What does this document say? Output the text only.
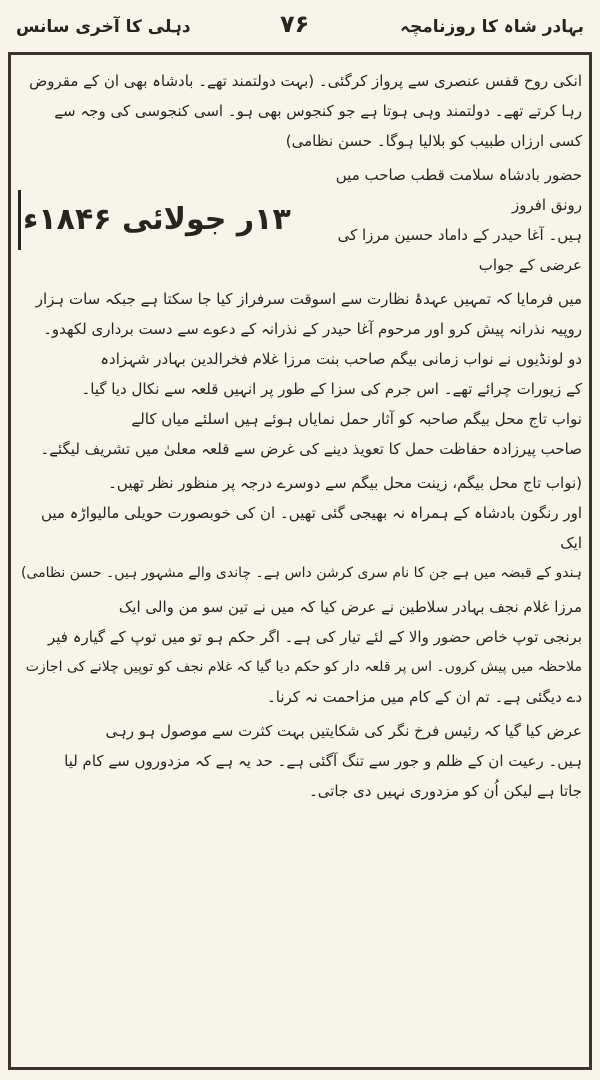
بہادر شاہ کا روزنامچہ
۷۶
دہلی کا آخری سانس

انکی روح قفس عنصری سے پرواز کرگئی۔ (بہت دولتمند تھے۔ بادشاہ بھی ان کے مقروض

رہا کرتے تھے۔ دولتمند وہی ہوتا ہے جو کنجوس بھی ہو۔ اسی کنجوسی کی وجہ سے

کسی ارزاں طبیب کو بلالیا ہوگا۔ حسن نظامی)

۱۳ر جولائی ۱۸۴۶ء

حضور بادشاہ سلامت قطب صاحب میں رونق افروز

ہیں۔ آغا حیدر کے داماد حسین مرزا کی عرضی کے جواب

میں فرمایا کہ تمہیں عہدۂ نظارت سے اسوقت سرفراز کیا جا سکتا ہے جبکہ سات ہزار

روپیہ نذرانہ پیش کرو اور مرحوم آغا حیدر کے نذرانہ کے دعوے سے دست برداری لکھدو۔

دو لونڈیوں نے نواب زمانی بیگم صاحب بنت مرزا غلام فخرالدین بہادر شہزادہ

کے زیورات چرائے تھے۔ اس جرم کی سزا کے طور پر انہیں قلعہ سے نکال دیا گیا۔

نواب تاج محل بیگم صاحبہ کو آثار حمل نمایاں ہوئے ہیں اسلئے میاں کالے

صاحب پیرزادہ حفاظت حمل کا تعویذ دینے کی غرض سے قلعہ معلیٰ میں تشریف لیگئے۔

(نواب تاج محل بیگم، زینت محل بیگم سے دوسرے درجہ پر منظور نظر تھیں۔

اور رنگون بادشاہ کے ہمراہ نہ بھیجی گئی تھیں۔ ان کی خوبصورت حویلی مالیواڑہ میں ایک

ہندو کے قبضہ میں ہے جن کا نام سری کرشن داس ہے۔ چاندی والے مشہور ہیں۔ حسن نظامی)

مرزا غلام نجف بہادر سلاطین نے عرض کیا کہ میں نے تین سو من والی ایک

برنجی توپ خاص حضور والا کے لئے تیار کی ہے۔ اگر حکم ہو تو میں توپ کے گیارہ فیر

ملاحظہ میں پیش کروں۔ اس پر قلعہ دار کو حکم دیا گیا کہ غلام نجف کو توپیں چلانے کی اجازت

دے دیگئی ہے۔ تم ان کے کام میں مزاحمت نہ کرنا۔

عرض کیا گیا کہ رئیس فرخ نگر کی شکایتیں بہت کثرت سے موصول ہو رہی

ہیں۔ رعیت ان کے ظلم و جور سے تنگ آگئی ہے۔ حد یہ ہے کہ مزدوروں سے کام لیا

جاتا ہے لیکن اُن کو مزدوری نہیں دی جاتی۔
